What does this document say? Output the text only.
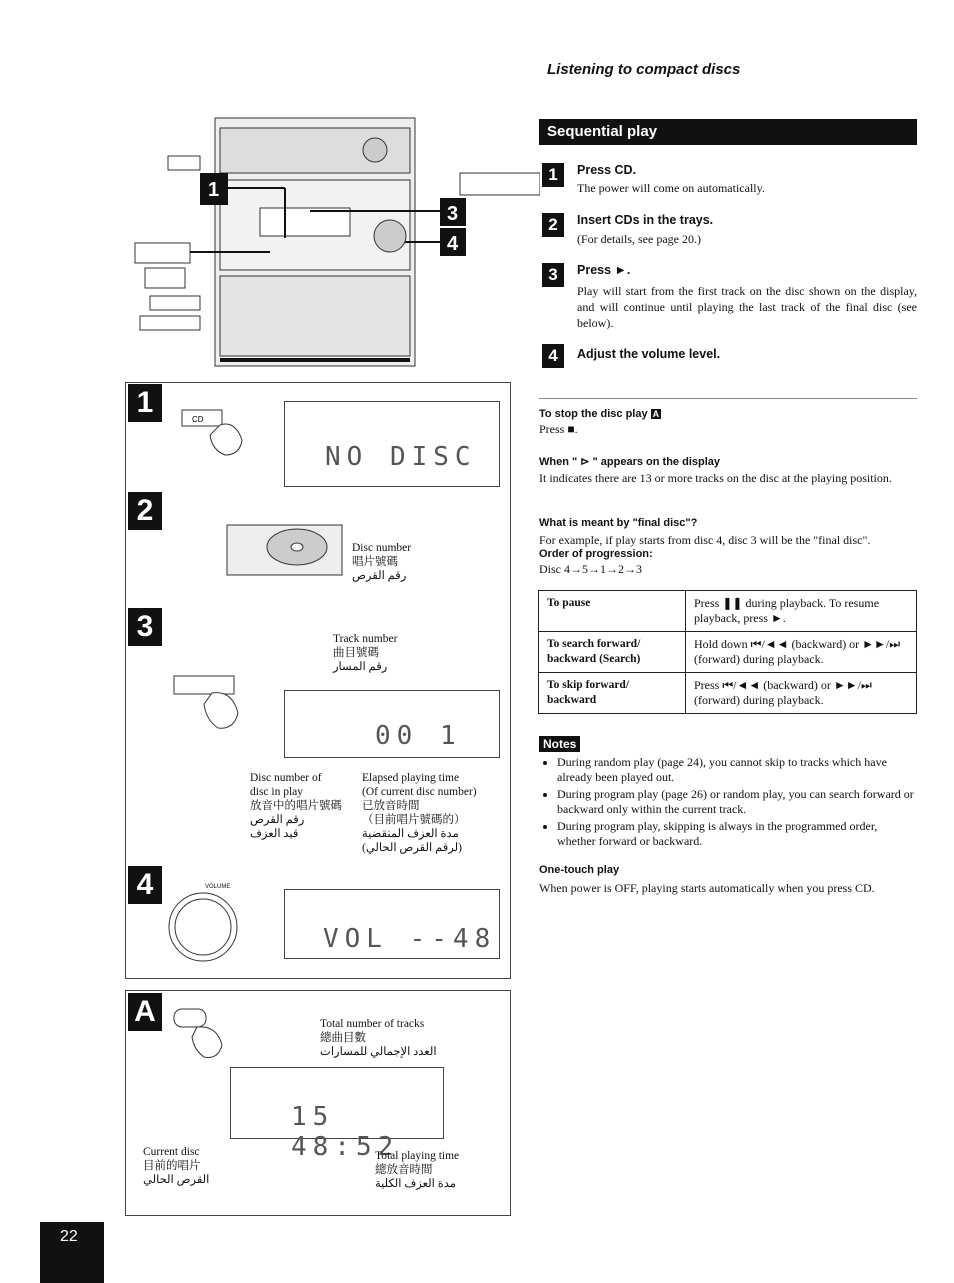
Listening to compact discs
1
3
4
1
CD
NO DISC
2
Disc number
唱片號碼
رقم القرص
3	Track number
曲目號碼
رقم المسار
00 1
Disc number of
disc in play
放音中的唱片號碼
رقم القرص
قيد العزف
Elapsed playing time
(Of current disc number)
已放音時間
（目前唱片號碼的）
مدة العزف المنقضية
(لرقم القرص الحالي)
4	VOLUME
VOL --48
A	Total number of tracks
總曲目數
العدد الإجمالي للمسارات
15 48:52
Current disc
目前的唱片
القرص الحالي
Total playing time
總放音時間
مدة العزف الكلية
Sequential play
1	Press CD.
The power will come on automatically.
2	Insert CDs in the trays.
(For details, see page 20.)
3	Press ►.
Play will start from the first track on the disc shown on the display, and will continue until playing the last track of the final disc (see below).
4	Adjust the volume level.
To stop the disc play A
Press ■.
When " ⊳ " appears on the display
It indicates there are 13 or more tracks on the disc at the playing position.
What is meant by "final disc"?
For example, if play starts from disc 4, disc 3 will be the "final disc".
Order of progression:
Disc 4→5→1→2→3
To pause	Press ❚❚ during playback. To resume playback, press ►.
To search forward/ backward (Search)	Hold down ⏮/◄◄ (backward) or ►►/⏭ (forward) during playback.
To skip forward/ backward	Press ⏮/◄◄ (backward) or ►►/⏭ (forward) during playback.
Notes
• During random play (page 24), you cannot skip to tracks which have already been played out.
• During program play (page 26) or random play, you can search forward or backward only within the current track.
• During program play, skipping is always in the programmed order, whether forward or backward.
One-touch play
When power is OFF, playing starts automatically when you press CD.
22
